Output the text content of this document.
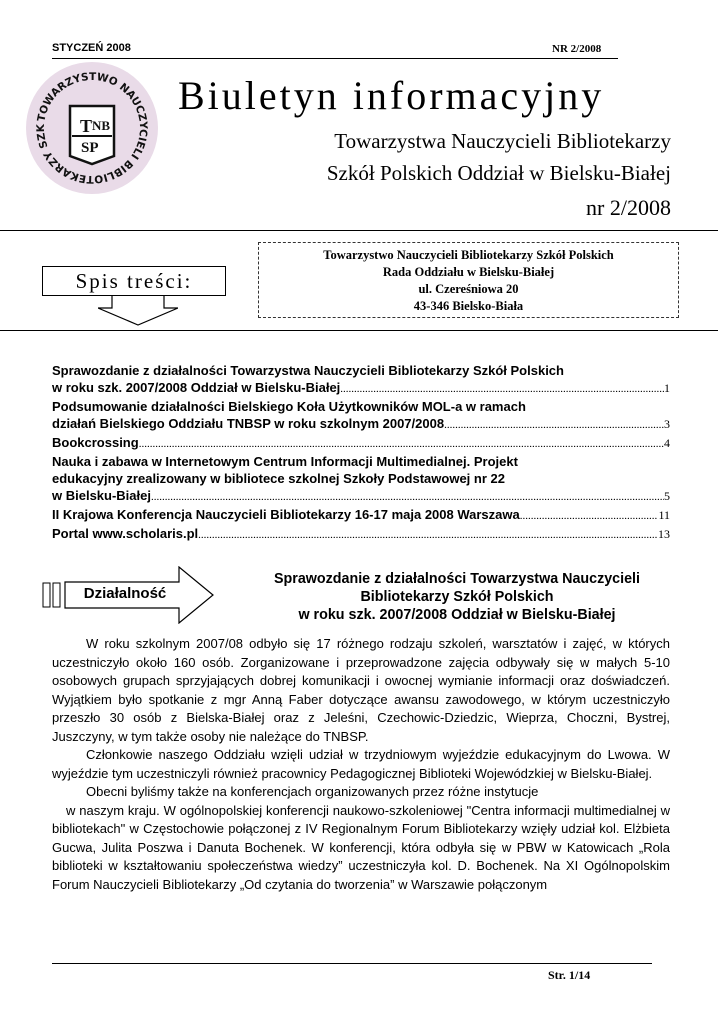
STYCZEŃ 2008	NR 2/2008
TOWARZYSTWO NAUCZYCIELI BIBLIOTEKARZY SZK	T NB
SP
Biuletyn informacyjny
Towarzystwa Nauczycieli Bibliotekarzy
Szkół Polskich Oddział w Bielsku-Białej
nr 2/2008
Spis treści:
Towarzystwo Nauczycieli Bibliotekarzy Szkół Polskich
Rada Oddziału w Bielsku-Białej
ul. Czereśniowa 20
43-346 Bielsko-Biała
Sprawozdanie z działalności Towarzystwa Nauczycieli Bibliotekarzy Szkół Polskich
w roku szk. 2007/2008 Oddział w Bielsku-Białej .....	1
Podsumowanie działalności Bielskiego Koła Użytkowników MOL-a w ramach
działań Bielskiego Oddziału TNBSP w roku szkolnym 2007/2008 .....	3
Bookcrossing .....	4
Nauka i zabawa w Internetowym Centrum Informacji Multimedialnej. Projekt
edukacyjny zrealizowany w bibliotece szkolnej Szkoły Podstawowej nr 22
w Bielsku-Białej .....	5
II Krajowa Konferencja Nauczycieli Bibliotekarzy 16-17 maja 2008 Warszawa .....	11
Portal www.scholaris.pl .....	13
Działalność
Sprawozdanie z działalności Towarzystwa Nauczycieli
Bibliotekarzy Szkół Polskich
w roku szk. 2007/2008 Oddział w Bielsku-Białej

W roku szkolnym 2007/08 odbyło się 17 różnego rodzaju szkoleń, warsztatów i zajęć, w których uczestniczyło około 160 osób. Zorganizowane i przeprowadzone zajęcia odbywały się w małych 5-10 osobowych grupach sprzyjających dobrej komunikacji i owocnej wymianie informacji oraz doświadczeń. Wyjątkiem było spotkanie z mgr Anną Faber dotyczące awansu zawodowego, w którym uczestniczyło przeszło 30 osób z Bielska-Białej oraz z Jeleśni, Czechowic-Dziedzic, Wieprza, Choczni, Bystrej, Juszczyny, w tym także osoby nie należące do TNBSP.

Członkowie naszego Oddziału wzięli udział w trzydniowym wyjeździe edukacyjnym do Lwowa. W wyjeździe tym uczestniczyli również pracownicy Pedagogicznej Biblioteki Wojewódzkiej w Bielsku-Białej.

Obecni byliśmy także na konferencjach organizowanych przez różne instytucje

w naszym kraju. W ogólnopolskiej konferencji naukowo-szkoleniowej "Centra informacji multimedialnej w bibliotekach" w Częstochowie połączonej z IV Regionalnym Forum Bibliotekarzy wzięły udział kol. Elżbieta Gucwa, Julita Poszwa i Danuta Bochenek. W konferencji, która odbyła się w PBW w Katowicach „Rola biblioteki w kształtowaniu społeczeństwa wiedzy” uczestniczyła kol. D. Bochenek. Na XI Ogólnopolskim Forum Nauczycieli Bibliotekarzy „Od czytania do tworzenia” w Warszawie połączonym

Str. 1/14
